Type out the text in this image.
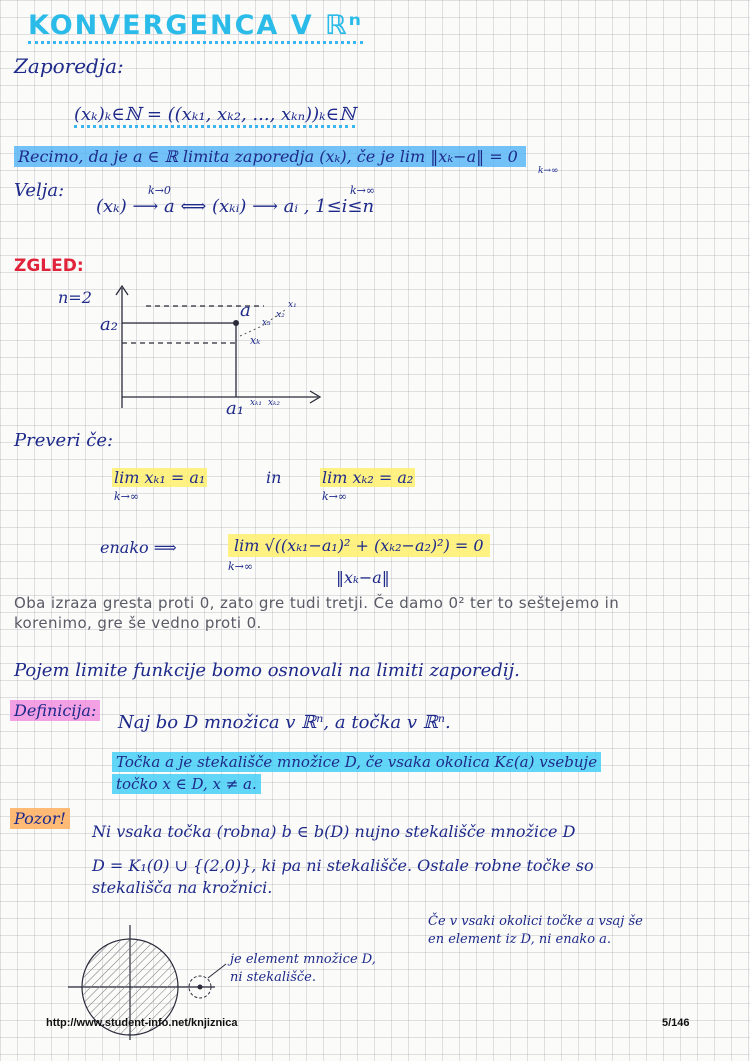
KONVERGENCA V ℝⁿ
Zaporedja:
(xₖ)ₖ∈ℕ = ((xₖ₁, xₖ₂, ..., xₖₙ))ₖ∈ℕ
Recimo, da je a ∈ ℝ limita zaporedja (xₖ), če je lim ‖xₖ−a‖ = 0
k→∞
Velja:
(xₖ) ⟶ a ⟺ (xₖᵢ) ⟶ aᵢ , 1≤i≤n
k→0	k→∞
ZGLED:
n=2
a₂
a₁
a
xₖ₁ xₖ₂
x₁
x₂
x₃
xₖ
Preveri če:
lim xₖ₁ = a₁	in	lim xₖ₂ = a₂
k→∞	k→∞
enako ⟹	lim √((xₖ₁−a₁)² + (xₖ₂−a₂)²) = 0
k→∞
‖xₖ−a‖
Oba izraza gresta proti 0, zato gre tudi tretji. Če damo 0² ter to seštejemo in
korenimo, gre še vedno proti 0.
Pojem limite funkcije bomo osnovali na limiti zaporedij.
Definicija:
Naj bo D množica v ℝⁿ, a točka v ℝⁿ.
Točka a je stekališče množice D, če vsaka okolica Kε(a) vsebuje
točko x ∈ D, x ≠ a.
Pozor!
Ni vsaka točka (robna) b ∈ b(D) nujno stekališče množice D
D = K₁(0) ∪ {(2,0)}, ki pa ni stekališče. Ostale robne točke so
stekališča na krožnici.
Če v vsaki okolici točke a vsaj še
en element iz D, ni enako a.
je element množice D,
ni stekališče.
http://www.student-info.net/knjiznica	5/146
